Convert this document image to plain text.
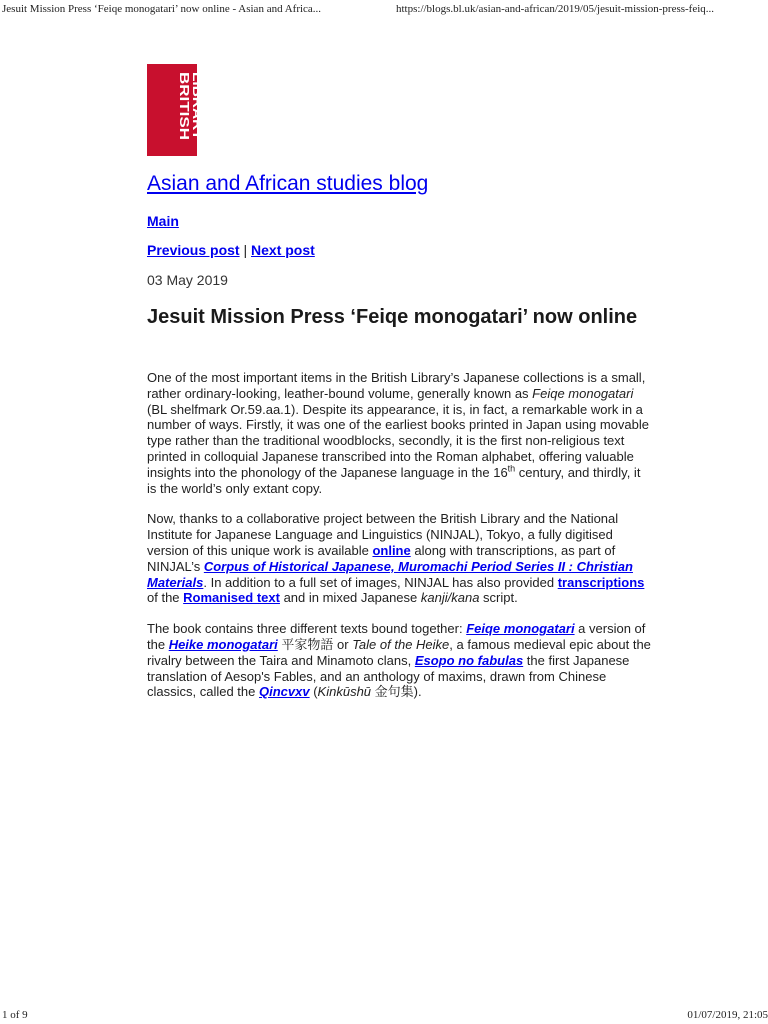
Jesuit Mission Press ‘Feiqe monogatari’ now online - Asian and Africa...	https://blogs.bl.uk/asian-and-african/2019/05/jesuit-mission-press-feiq...
BRITISH LIBRARY
Asian and African studies blog
Main
Previous post | Next post
03 May 2019
Jesuit Mission Press ‘Feiqe monogatari’ now online

One of the most important items in the British Library’s Japanese collections is a small, rather ordinary-looking, leather-bound volume, generally known as Feiqe monogatari (BL shelfmark Or.59.aa.1). Despite its appearance, it is, in fact, a remarkable work in a number of ways. Firstly, it was one of the earliest books printed in Japan using movable type rather than the traditional woodblocks, secondly, it is the first non-religious text printed in colloquial Japanese transcribed into the Roman alphabet, offering valuable insights into the phonology of the Japanese language in the 16th century, and thirdly, it is the world’s only extant copy.

Now, thanks to a collaborative project between the British Library and the National Institute for Japanese Language and Linguistics (NINJAL), Tokyo, a fully digitised version of this unique work is available online along with transcriptions, as part of NINJAL’s Corpus of Historical Japanese, Muromachi Period Series II : Christian Materials. In addition to a full set of images, NINJAL has also provided transcriptions of the Romanised text and in mixed Japanese kanji/kana script.

The book contains three different texts bound together: Feiqe monogatari a version of the Heike monogatari 平家物語 or Tale of the Heike, a famous medieval epic about the rivalry between the Taira and Minamoto clans, Esopo no fabulas the first Japanese translation of Aesop's Fables, and an anthology of maxims, drawn from Chinese classics, called the Qincvxv (Kinkūshū 金句集).

1 of 9	01/07/2019, 21:05
